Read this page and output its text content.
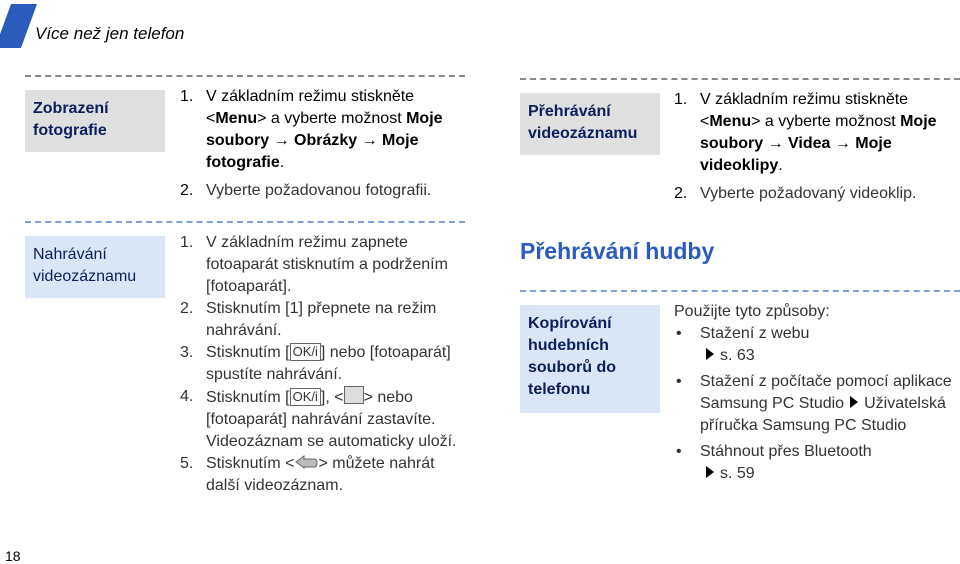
Více než jen telefon
Zobrazení fotografie
1. V základním režimu stiskněte <Menu> a vyberte možnost Moje soubory → Obrázky → Moje fotografie.
2. Vyberte požadovanou fotografii.
Nahrávání videozáznamu
1. V základním režimu zapnete fotoaparát stisknutím a podržením [fotoaparát].
2. Stisknutím [1] přepnete na režim nahrávání.
3. Stisknutím [ OK/i ] nebo [fotoaparát] spustíte nahrávání.
4. Stisknutím [ OK/i ], < > nebo [fotoaparát] nahrávání zastavíte. Videozáznam se automaticky uloží.
5. Stisknutím < > můžete nahrát další videozáznam.
Přehrávání videozáznamu
1. V základním režimu stiskněte <Menu> a vyberte možnost Moje soubory → Videa → Moje videoklipy.
2. Vyberte požadovaný videoklip.
Přehrávání hudby
Kopírování hudebních souborů do telefonu
Použijte tyto způsoby:
• Stažení z webu
s. 63
• Stažení z počítače pomocí aplikace Samsung PC Studio Uživatelská příručka Samsung PC Studio
• Stáhnout přes Bluetooth
s. 59
18
